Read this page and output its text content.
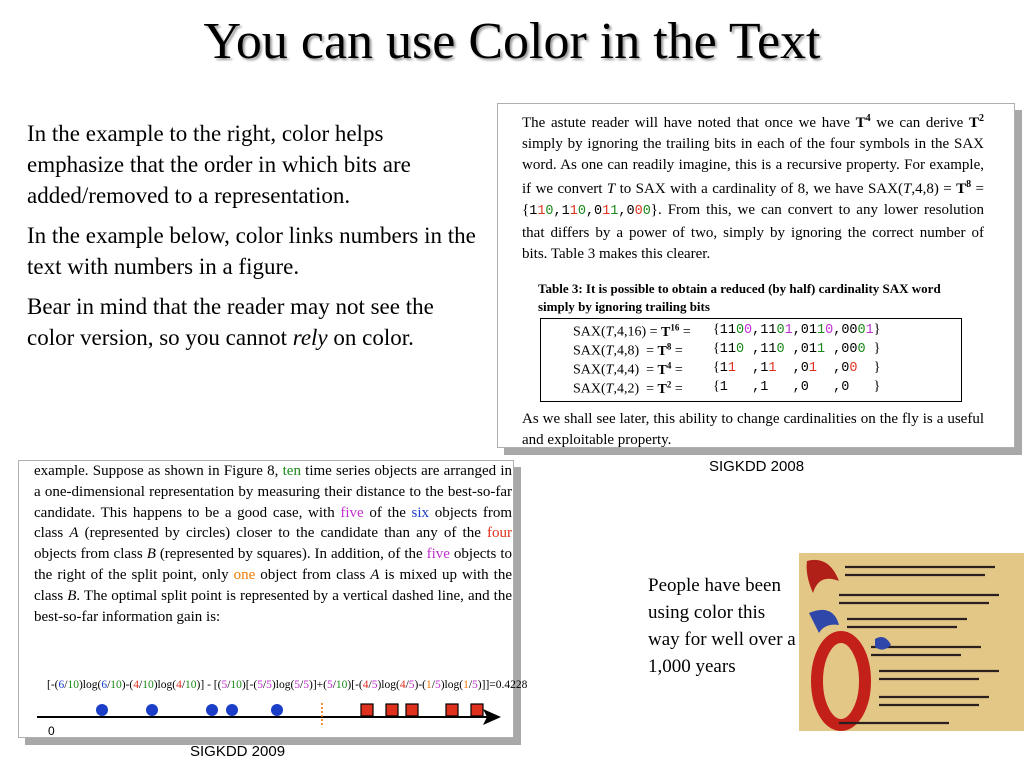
You can use Color in the Text

In the example to the right, color helps emphasize that the order in which bits are added/removed to a representation.

In the example below, color links numbers in the text with numbers in a figure.

Bear in mind that the reader may not see the color version, so you cannot rely on color.

The astute reader will have noted that once we have $T^4$ we can derive $T^2$ simply by ignoring the trailing bits in each of the four symbols in the SAX word. As one can readily imagine, this is a recursive property. For example, if we convert T to SAX with a cardinality of 8, we have $SAX(T,4,8) = T^8 = \{110,110,011,000\}$. From this, we can convert to any lower resolution that differs by a power of two, simply by ignoring the correct number of bits. Table 3 makes this clearer.
Table 3: It is possible to obtain a reduced (by half) cardinality SAX word simply by ignoring trailing bits
$SAX(T,4,16) = T^{16} = \{1100,1101,0110,0001\}$
$SAX(T,4,8) = T^8 = \{110$ ,110 ,011 ,000 }
$SAX(T,4,4) = T^4 = \{11$  ,11  ,01  ,00 }
$SAX(T,4,2) = T^2 = \{1$   ,1   ,0   ,0   }
As we shall see later, this ability to change cardinalities on the fly is a useful and exploitable property.
SIGKDD 2008
example. Suppose as shown in Figure 8, ten time series objects are arranged in a one-dimensional representation by measuring their distance to the best-so-far candidate. This happens to be a good case, with five of the six objects from class A (represented by circles) closer to the candidate than any of the four objects from class B (represented by squares). In addition, of the five objects to the right of the split point, only one object from class A is mixed up with the class B. The optimal split point is represented by a vertical dashed line, and the best-so-far information gain is:
[-(6/10)log(6/10)-(4/10)log(4/10)] - [(5/10)[-(5/5)log(5/5)]+(5/10)[-(4/5)log(4/5)-(1/5)log(1/5)]]=0.4228
0
SIGKDD 2009
People have been using color this way for well over a 1,000 years
